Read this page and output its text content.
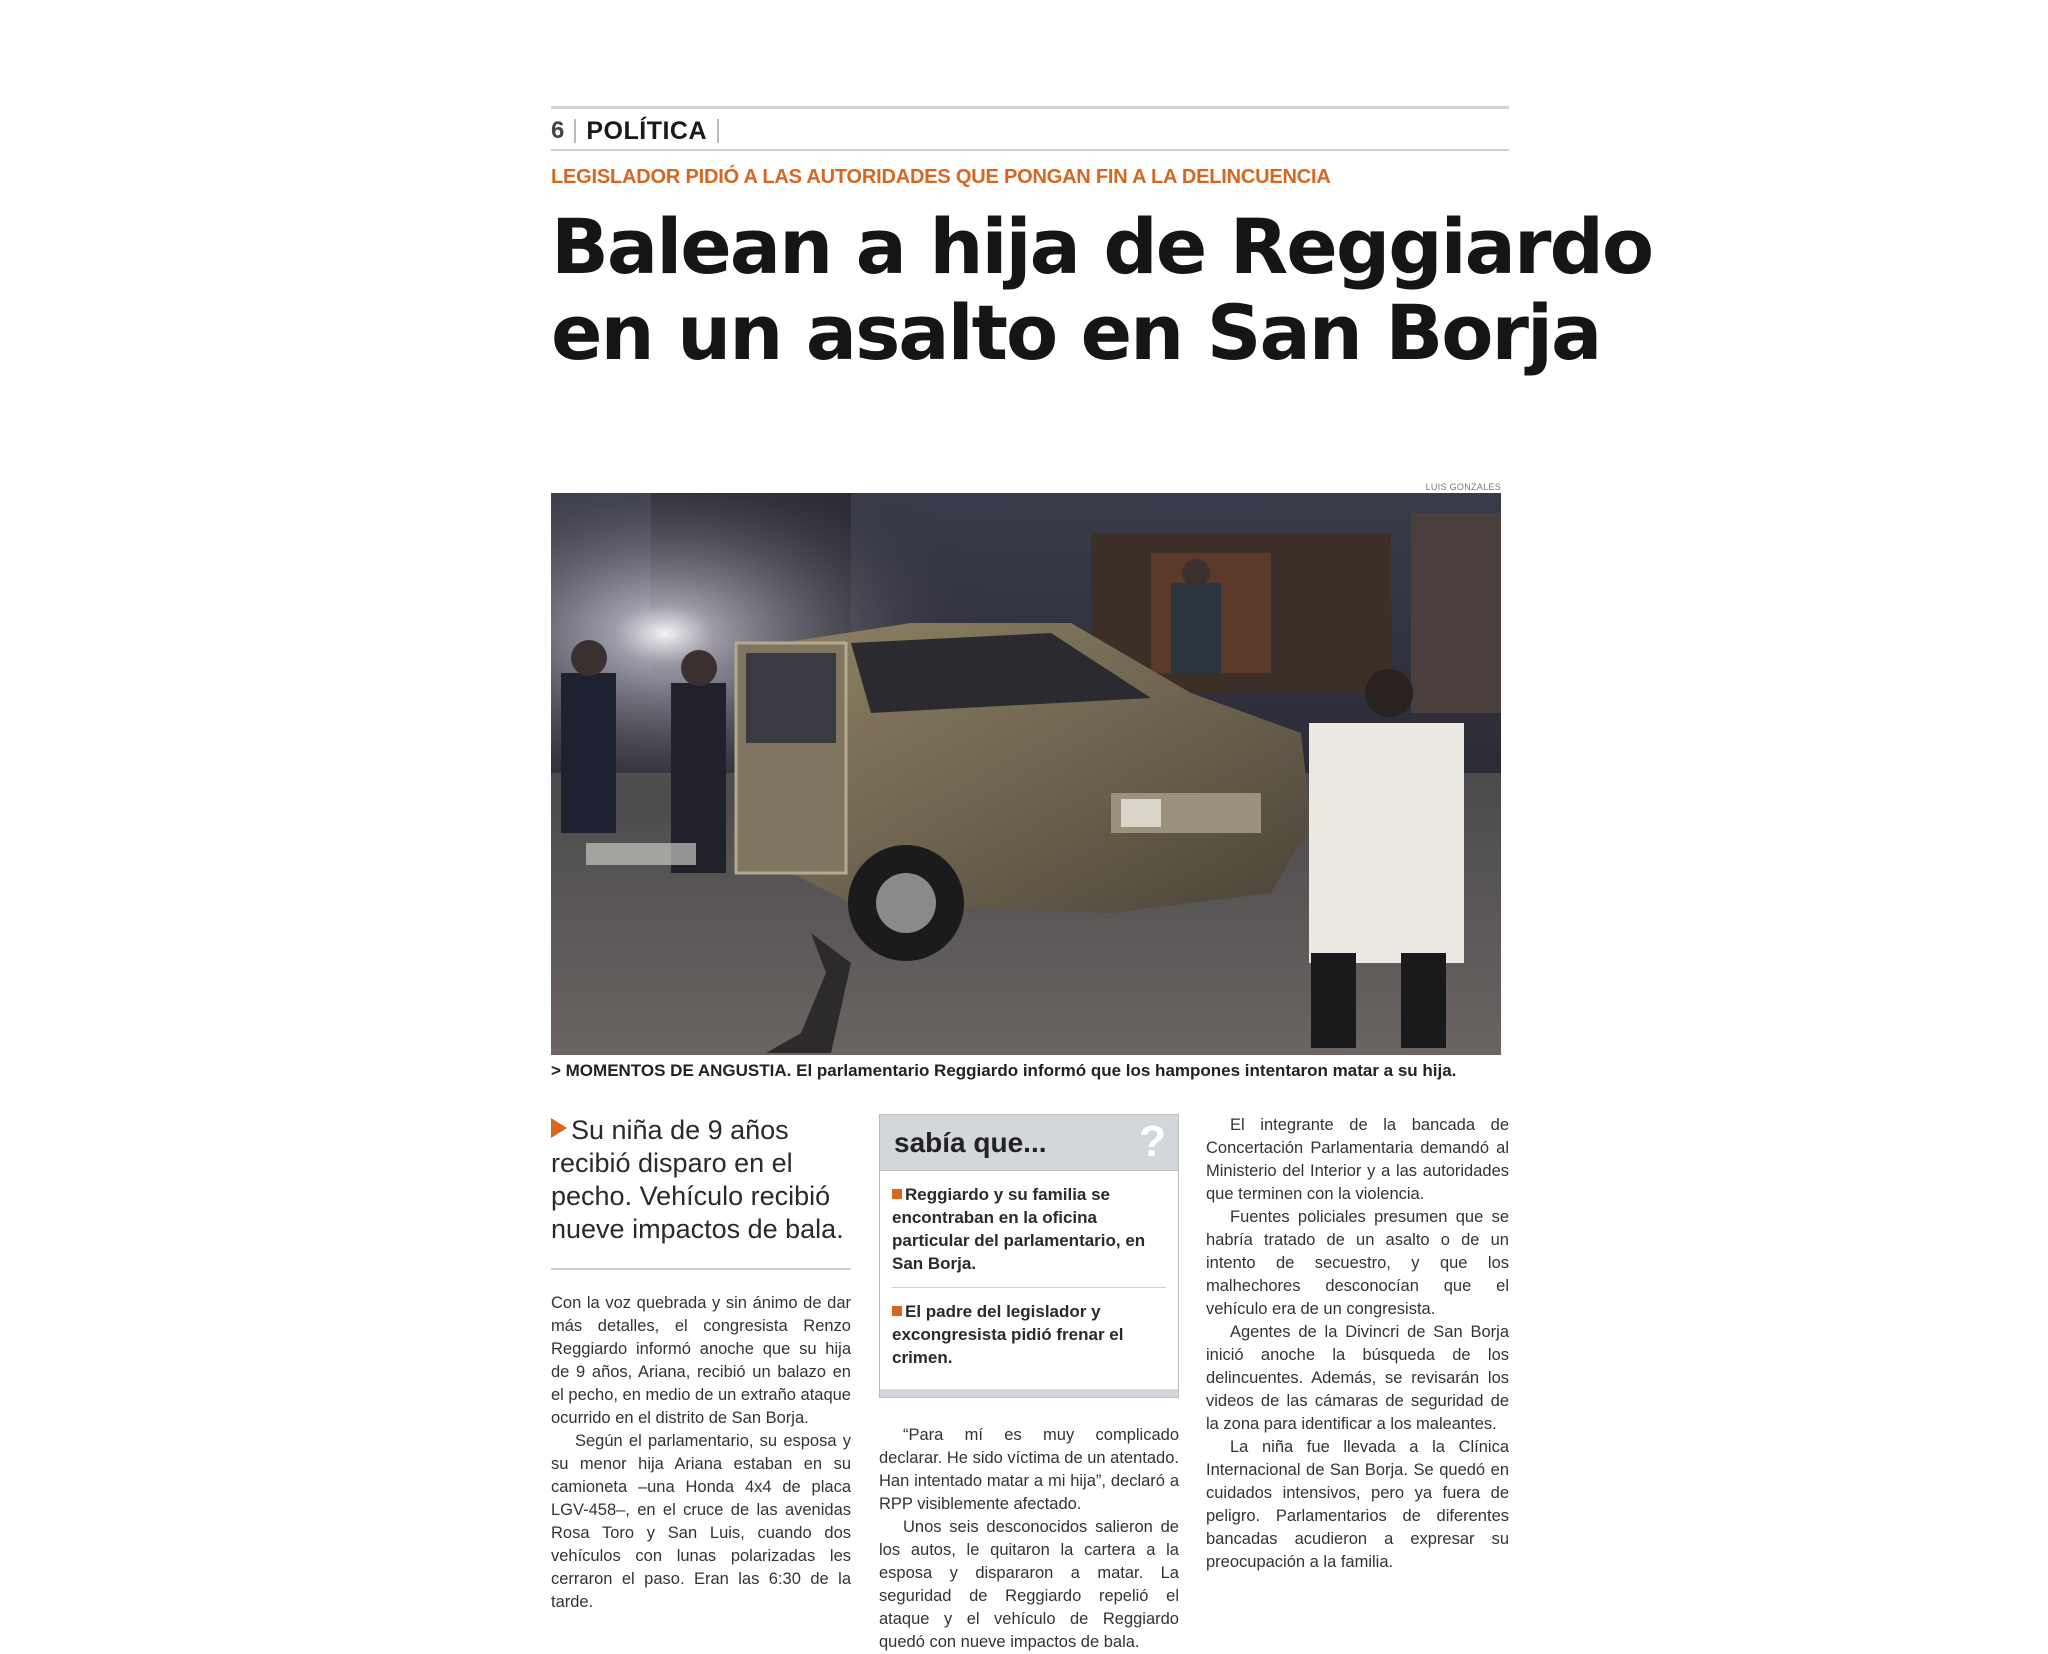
6 POLÍTICA
LEGISLADOR PIDIÓ A LAS AUTORIDADES QUE PONGAN FIN A LA DELINCUENCIA
Balean a hija de Reggiardo
en un asalto en San Borja
LUIS GONZALES
> MOMENTOS DE ANGUSTIA. El parlamentario Reggiardo informó que los hampones intentaron matar a su hija.
Su niña de 9 años recibió disparo en el pecho. Vehículo recibió nueve impactos de bala.

Con la voz quebrada y sin ánimo de dar más detalles, el congresista Renzo Reggiardo informó anoche que su hija de 9 años, Ariana, recibió un balazo en el pecho, en medio de un extraño ataque ocurrido en el distrito de San Borja.

Según el parlamentario, su esposa y su menor hija Ariana estaban en su camioneta –una Honda 4x4 de placa LGV-458–, en el cruce de las avenidas Rosa Toro y San Luis, cuando dos vehículos con lunas polarizadas les cerraron el paso. Eran las 6:30 de la tarde.

sabía que... ?
Reggiardo y su familia se encontraban en la oficina particular del parlamentario, en San Borja.
El padre del legislador y excongresista pidió frenar el crimen.

“Para mí es muy complicado declarar. He sido víctima de un atentado. Han intentado matar a mi hija”, declaró a RPP visiblemente afectado.

Unos seis desconocidos salieron de los autos, le quitaron la cartera a la esposa y dispararon a matar. La seguridad de Reggiardo repelió el ataque y el vehículo de Reggiardo quedó con nueve impactos de bala.

El integrante de la bancada de Concertación Parlamentaria demandó al Ministerio del Interior y a las autoridades que terminen con la violencia.

Fuentes policiales presumen que se habría tratado de un asalto o de un intento de secuestro, y que los malhechores desconocían que el vehículo era de un congresista.

Agentes de la Divincri de San Borja inició anoche la búsqueda de los delincuentes. Además, se revisarán los videos de las cámaras de seguridad de la zona para identificar a los maleantes.

La niña fue llevada a la Clínica Internacional de San Borja. Se quedó en cuidados intensivos, pero ya fuera de peligro. Parlamentarios de diferentes bancadas acudieron a expresar su preocupación a la familia.
